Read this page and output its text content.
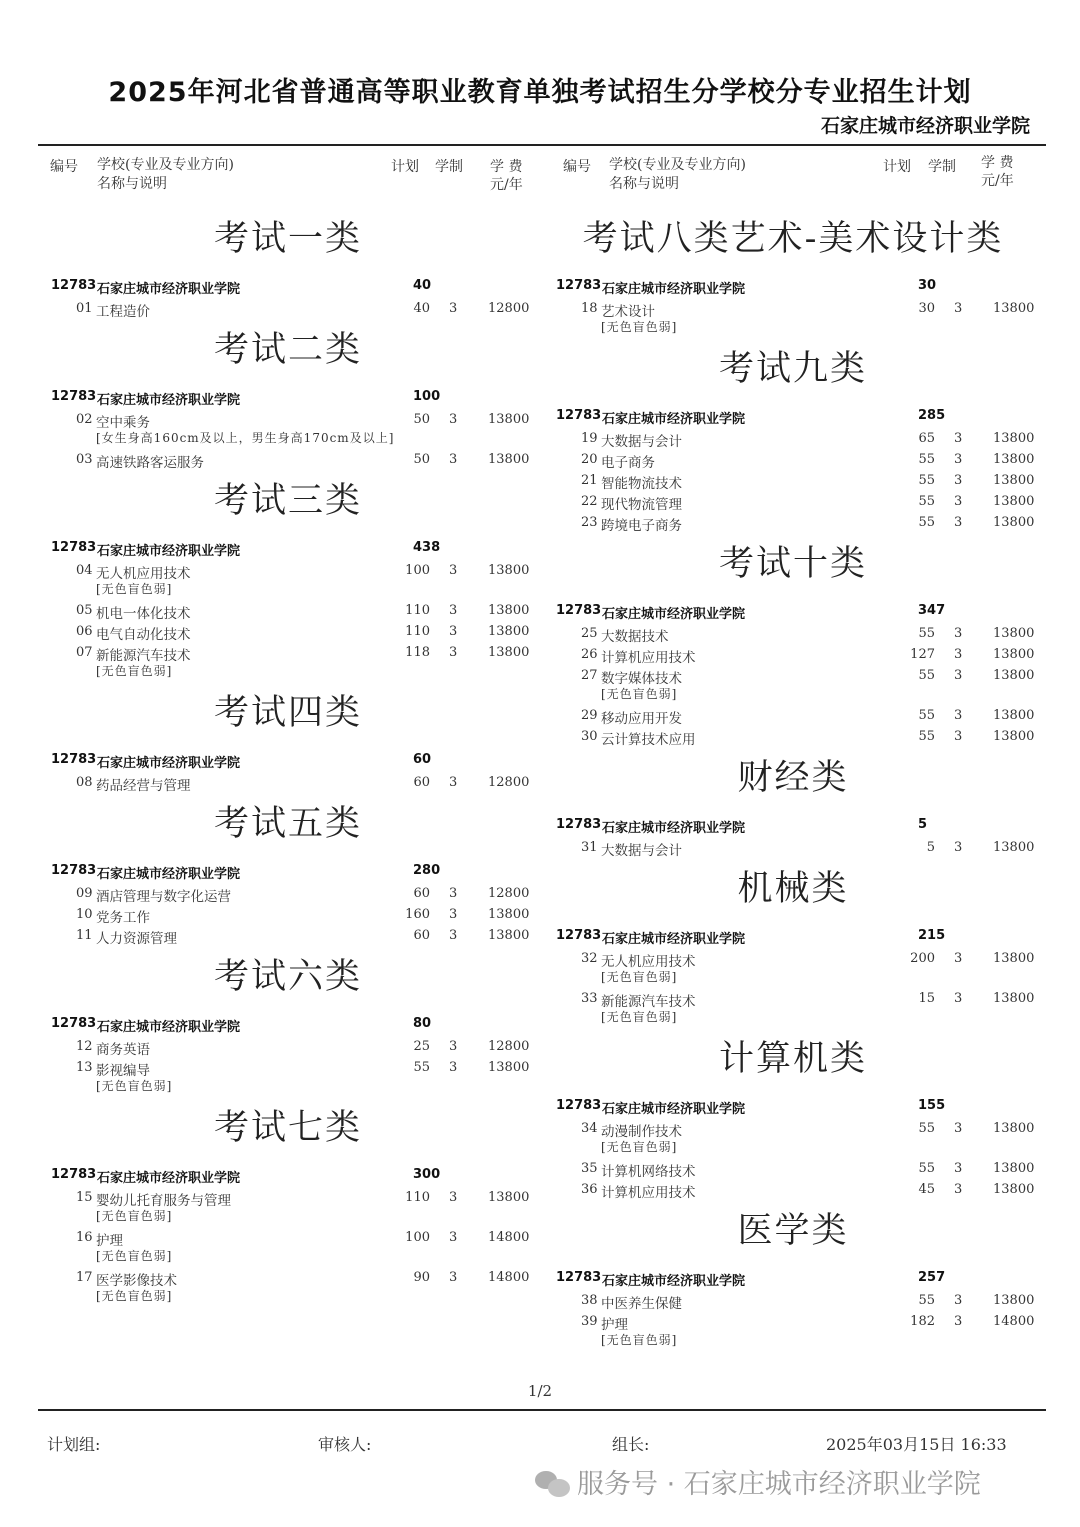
2025年河北省普通高等职业教育单独考试招生分学校分专业招生计划
石家庄城市经济职业学院
编号 学校(专业及专业方向)
名称与说明
计划 学制 学 费
元/年
编号 学校(专业及专业方向)
名称与说明
计划 学制 学 费
元/年
考试一类
12783 石家庄城市经济职业学院	40
01 工程造价	40 3 12800
考试二类
12783 石家庄城市经济职业学院	100
02 空中乘务	50 3 13800
[女生身高160cm及以上，男生身高170cm及以上]
03 高速铁路客运服务	50 3 13800
考试三类
12783 石家庄城市经济职业学院	438
04 无人机应用技术	100 3 13800
[无色盲色弱]
05 机电一体化技术	110 3 13800
06 电气自动化技术	110 3 13800
07 新能源汽车技术	118 3 13800
[无色盲色弱]
考试四类
12783 石家庄城市经济职业学院	60
08 药品经营与管理	60 3 12800
考试五类
12783 石家庄城市经济职业学院	280
09 酒店管理与数字化运营	60 3 12800
10 党务工作	160 3 13800
11 人力资源管理	60 3 13800
考试六类
12783 石家庄城市经济职业学院	80
12 商务英语	25 3 12800
13 影视编导	55 3 13800
[无色盲色弱]
考试七类
12783 石家庄城市经济职业学院	300
15 婴幼儿托育服务与管理	110 3 13800
[无色盲色弱]
16 护理	100 3 14800
[无色盲色弱]
17 医学影像技术	90 3 14800
[无色盲色弱]
考试八类艺术-美术设计类
12783 石家庄城市经济职业学院	30
18 艺术设计	30 3 13800
[无色盲色弱]
考试九类
12783 石家庄城市经济职业学院	285
19 大数据与会计	65 3 13800
20 电子商务	55 3 13800
21 智能物流技术	55 3 13800
22 现代物流管理	55 3 13800
23 跨境电子商务	55 3 13800
考试十类
12783 石家庄城市经济职业学院	347
25 大数据技术	55 3 13800
26 计算机应用技术	127 3 13800
27 数字媒体技术	55 3 13800
[无色盲色弱]
29 移动应用开发	55 3 13800
30 云计算技术应用	55 3 13800
财经类
12783 石家庄城市经济职业学院	5
31 大数据与会计	5 3 13800
机械类
12783 石家庄城市经济职业学院	215
32 无人机应用技术	200 3 13800
[无色盲色弱]
33 新能源汽车技术	15 3 13800
[无色盲色弱]
计算机类
12783 石家庄城市经济职业学院	155
34 动漫制作技术	55 3 13800
[无色盲色弱]
35 计算机网络技术	55 3 13800
36 计算机应用技术	45 3 13800
医学类
12783 石家庄城市经济职业学院	257
38 中医养生保健	55 3 13800
39 护理	182 3 14800
[无色盲色弱]
1/2
计划组:	审核人:	组长:	2025年03月15日 16:33
服务号 · 石家庄城市经济职业学院
